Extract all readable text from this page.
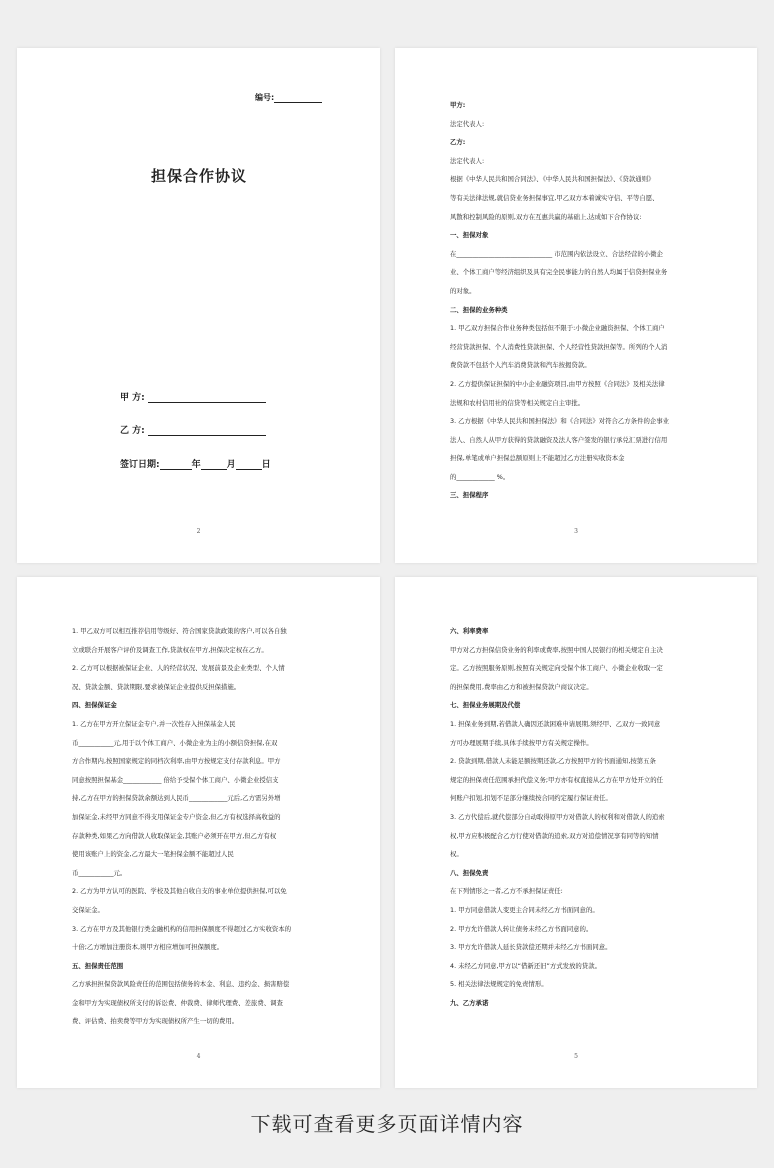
编号:
担保合作协议
甲 方:
乙 方:
签订日期:	年	月	日
2

甲方:

法定代表人:

乙方:

法定代表人:

根据《中华人民共和国合同法》、《中华人民共和国担保法》、《贷款通则》

等有关法律法规,就信贷业务担保事宜,甲乙双方本着诚实守信、平等自愿、

风散和控制风险的原则,双方在互惠共赢的基础上,达成如下合作协议:

一、担保对象

在______________________________ 市范围内依法设立、合法经营的小微企

业、个体工商户等经济组织及具有完全民事能力的自然人均属于信贷担保业务

的对象。

二、担保的业务种类

1. 甲乙双方担保合作业务种类包括但不限于:小微企业融资担保、个体工商户

经营贷款担保、个人消费性贷款担保、个人经营性贷款担保等。所列的个人消

费贷款不包括个人汽车消费贷款和汽车按揭贷款。

2. 乙方提供保证担保的中小企业融资项目,由甲方按照《合同法》及相关法律

法规和农村信用社的信贷等相关规定自主审批。

3. 乙方根据《中华人民共和国担保法》和《合同法》对符合乙方条件的企事业

法人、自然人从甲方获得的贷款融资及法人客户签发的银行承兑汇票进行信用

担保,单笔或单户担保总额原则上不能超过乙方注册实收资本金

的____________ %。

三、担保程序

3

1. 甲乙双方可以相互推荐信用等级好、符合国家贷款政策的客户,可以各自独

立或联合开展客户评价及调查工作,贷款权在甲方,担保决定权在乙方。

2. 乙方可以根据被保证企业、人的经营状况、发展前景及企业类型、个人情

况、贷款金额、贷款期限,要求被保证企业提供反担保措施。

四、担保保证金

1. 乙方在甲方开立保证金专户,并一次性存入担保基金人民

币___________元,用于以个体工商户、小微企业为主的小额信贷担保,在双

方合作期内,按照国家规定的同档次利率,由甲方按规定支付存款利息。甲方

同意按照担保基金____________ 倍给予受保个体工商户、小微企业授信支

持,乙方在甲方的担保贷款余额达到人民币____________元后,乙方需另外增

加保证金,未经甲方同意不得支用保证金专户资金,但乙方有权选择高收益的

存款种类,如果乙方向借款人收取保证金,其账户必须开在甲方,但乙方有权

使用该账户上的资金,乙方最大一笔担保金额不能超过人民

币___________元。

2. 乙方为甲方认可的医院、学校及其他自收自支的事业单位提供担保,可以免

交保证金。

3. 乙方在甲方及其他银行类金融机构的信用担保额度不得超过乙方实收资本的

十倍;乙方增加注册资本,则甲方相应增加可担保额度。

五、担保责任范围

乙方承担担保贷款风险责任的范围包括债务的本金、利息、违约金、损害赔偿

金和甲方为实现债权所支付的诉讼费、仲裁费、律师代理费、差旅费、调查

费、评估费、拍卖费等甲方为实现债权所产生一切的费用。

4

六、利率费率

甲方对乙方担保信贷业务的利率或费率,按照中国人民银行的相关规定自主决

定。乙方按照服务原则,按照有关规定向受保个体工商户、小微企业收取一定

的担保费用,费率由乙方和被担保贷款户商议决定。

七、担保业务展期及代偿

1. 担保业务到期,若借款人确因还款困难申请展期,须经甲、乙双方一致同意

方可办理展期手续,具体手续按甲方有关规定操作。

2. 贷款到期,借款人未能足额按期还款,乙方按照甲方的书面通知,按第五条

规定的担保责任范围承担代偿义务;甲方亦有权直接从乙方在甲方处开立的任

何账户扣划,扣划不足部分继续按合同约定履行保证责任。

3. 乙方代偿后,就代偿部分自动取得原甲方对借款人的权利和对借款人的追索

权,甲方应积极配合乙方行使对借款的追索,双方对追偿情况享有同等的知情

权。

八、担保免责

在下列情形之一者,乙方不承担保证责任:

1. 甲方同意借款人变更主合同未经乙方书面同意的。

2. 甲方允许借款人转让债务未经乙方书面同意的。

3. 甲方允许借款人延长贷款偿还期并未经乙方书面同意。

4. 未经乙方同意,甲方以“借新还旧”方式发放的贷款。

5. 相关法律法规规定的免责情形。

九、乙方承诺

5
下载可查看更多页面详情内容
